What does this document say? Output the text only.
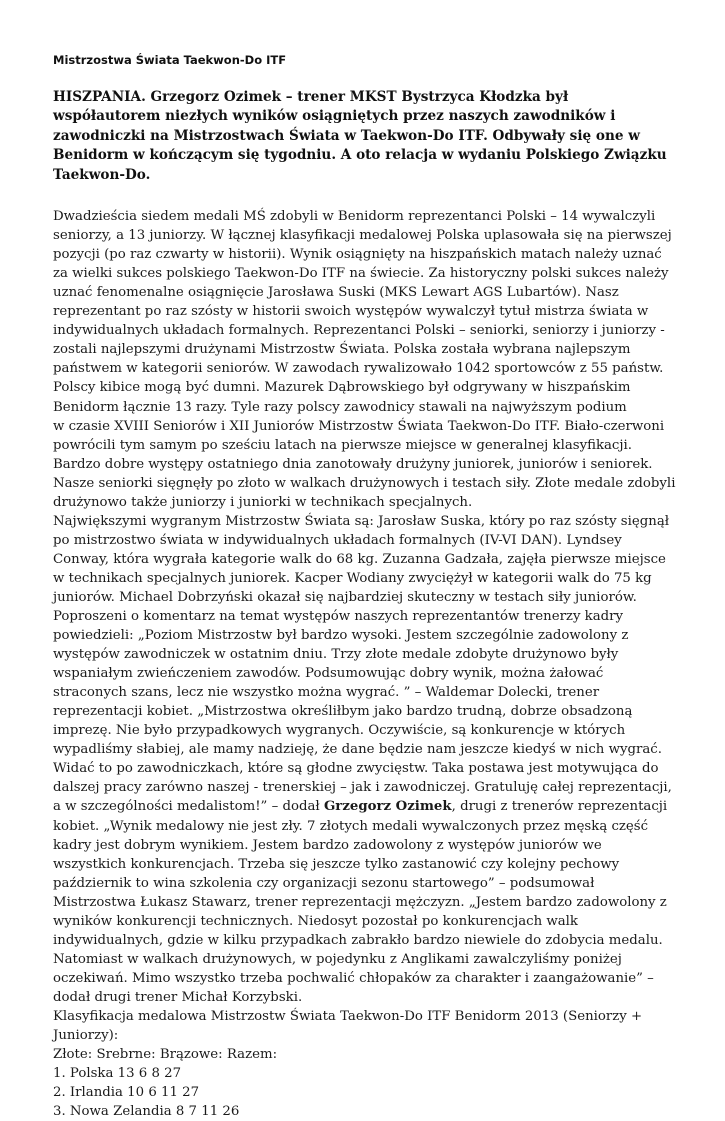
Mistrzostwa Świata Taekwon-Do ITF
HISZPANIA. Grzegorz Ozimek – trener MKST Bystrzyca Kłodzka był współautorem niezłych wyników osiągniętych przez naszych zawodników i zawodniczki na Mistrzostwach Świata w Taekwon-Do ITF. Odbywały się one w Benidorm w kończącym się tygodniu. A oto relacja w wydaniu Polskiego Związku Taekwon-Do.

Dwadzieścia siedem medali MŚ zdobyli w Benidorm reprezentanci Polski – 14 wywalczyli seniorzy, a 13 juniorzy. W łącznej klasyfikacji medalowej Polska uplasowała się na pierwszej pozycji (po raz czwarty w historii). Wynik osiągnięty na hiszpańskich matach należy uznać za wielki sukces polskiego Taekwon-Do ITF na świecie. Za historyczny polski sukces należy uznać fenomenalne osiągnięcie Jarosława Suski (MKS Lewart AGS Lubartów). Nasz reprezentant po raz szósty w historii swoich występów wywalczył tytuł mistrza świata w indywidualnych układach formalnych. Reprezentanci Polski – seniorki, seniorzy i juniorzy - zostali najlepszymi drużynami Mistrzostw Świata. Polska została wybrana najlepszym państwem w kategorii seniorów. W zawodach rywalizowało 1042 sportowców z 55 państw.

Polscy kibice mogą być dumni. Mazurek Dąbrowskiego był odgrywany w hiszpańskim Benidorm łącznie 13 razy. Tyle razy polscy zawodnicy stawali na najwyższym podium

w czasie XVIII Seniorów i XII Juniorów Mistrzostw Świata Taekwon-Do ITF. Biało-czerwoni powrócili tym samym po sześciu latach na pierwsze miejsce w generalnej klasyfikacji. Bardzo dobre występy ostatniego dnia zanotowały drużyny juniorek, juniorów i seniorek. Nasze seniorki sięgnęły po złoto w walkach drużynowych i testach siły. Złote medale zdobyli drużynowo także juniorzy i juniorki w technikach specjalnych.

Największymi wygranym Mistrzostw Świata są: Jarosław Suska, który po raz szósty sięgnął po mistrzostwo świata w indywidualnych układach formalnych (IV-VI DAN). Lyndsey Conway, która wygrała kategorie walk do 68 kg. Zuzanna Gadzała, zajęła pierwsze miejsce w technikach specjalnych juniorek. Kacper Wodiany zwyciężył w kategorii walk do 75 kg juniorów. Michael Dobrzyński okazał się najbardziej skuteczny w testach siły juniorów.

Poproszeni o komentarz na temat występów naszych reprezentantów trenerzy kadry powiedzieli: „Poziom Mistrzostw był bardzo wysoki. Jestem szczególnie zadowolony z występów zawodniczek w ostatnim dniu. Trzy złote medale zdobyte drużynowo były wspaniałym zwieńczeniem zawodów. Podsumowując dobry wynik, można żałować straconych szans, lecz nie wszystko można wygrać. ” – Waldemar Dolecki, trener reprezentacji kobiet. „Mistrzostwa określiłbym jako bardzo trudną, dobrze obsadzoną imprezę. Nie było przypadkowych wygranych. Oczywiście, są konkurencje w których wypadliśmy słabiej, ale mamy nadzieję, że dane będzie nam jeszcze kiedyś w nich wygrać. Widać to po zawodniczkach, które są głodne zwycięstw. Taka postawa jest motywująca do dalszej pracy zarówno naszej - trenerskiej – jak i zawodniczej. Gratuluję całej reprezentacji, a w szczególności medalistom!” – dodał Grzegorz Ozimek, drugi z trenerów reprezentacji kobiet. „Wynik medalowy nie jest zły. 7 złotych medali wywalczonych przez męską część kadry jest dobrym wynikiem. Jestem bardzo zadowolony z występów juniorów we wszystkich konkurencjach. Trzeba się jeszcze tylko zastanowić czy kolejny pechowy październik to wina szkolenia czy organizacji sezonu startowego” – podsumował Mistrzostwa Łukasz Stawarz, trener reprezentacji mężczyzn. „Jestem bardzo zadowolony z wyników konkurencji technicznych. Niedosyt pozostał po konkurencjach walk indywidualnych, gdzie w kilku przypadkach zabrakło bardzo niewiele do zdobycia medalu. Natomiast w walkach drużynowych, w pojedynku z Anglikami zawalczyliśmy poniżej oczekiwań. Mimo wszystko trzeba pochwalić chłopaków za charakter i zaangażowanie” – dodał drugi trener Michał Korzybski.

Klasyfikacja medalowa Mistrzostw Świata Taekwon-Do ITF Benidorm 2013 (Seniorzy + Juniorzy):

Złote: Srebrne: Brązowe: Razem:

1. Polska 13 6 8 27
2. Irlandia 10 6 11 27
3. Nowa Zelandia 8 7 11 26
